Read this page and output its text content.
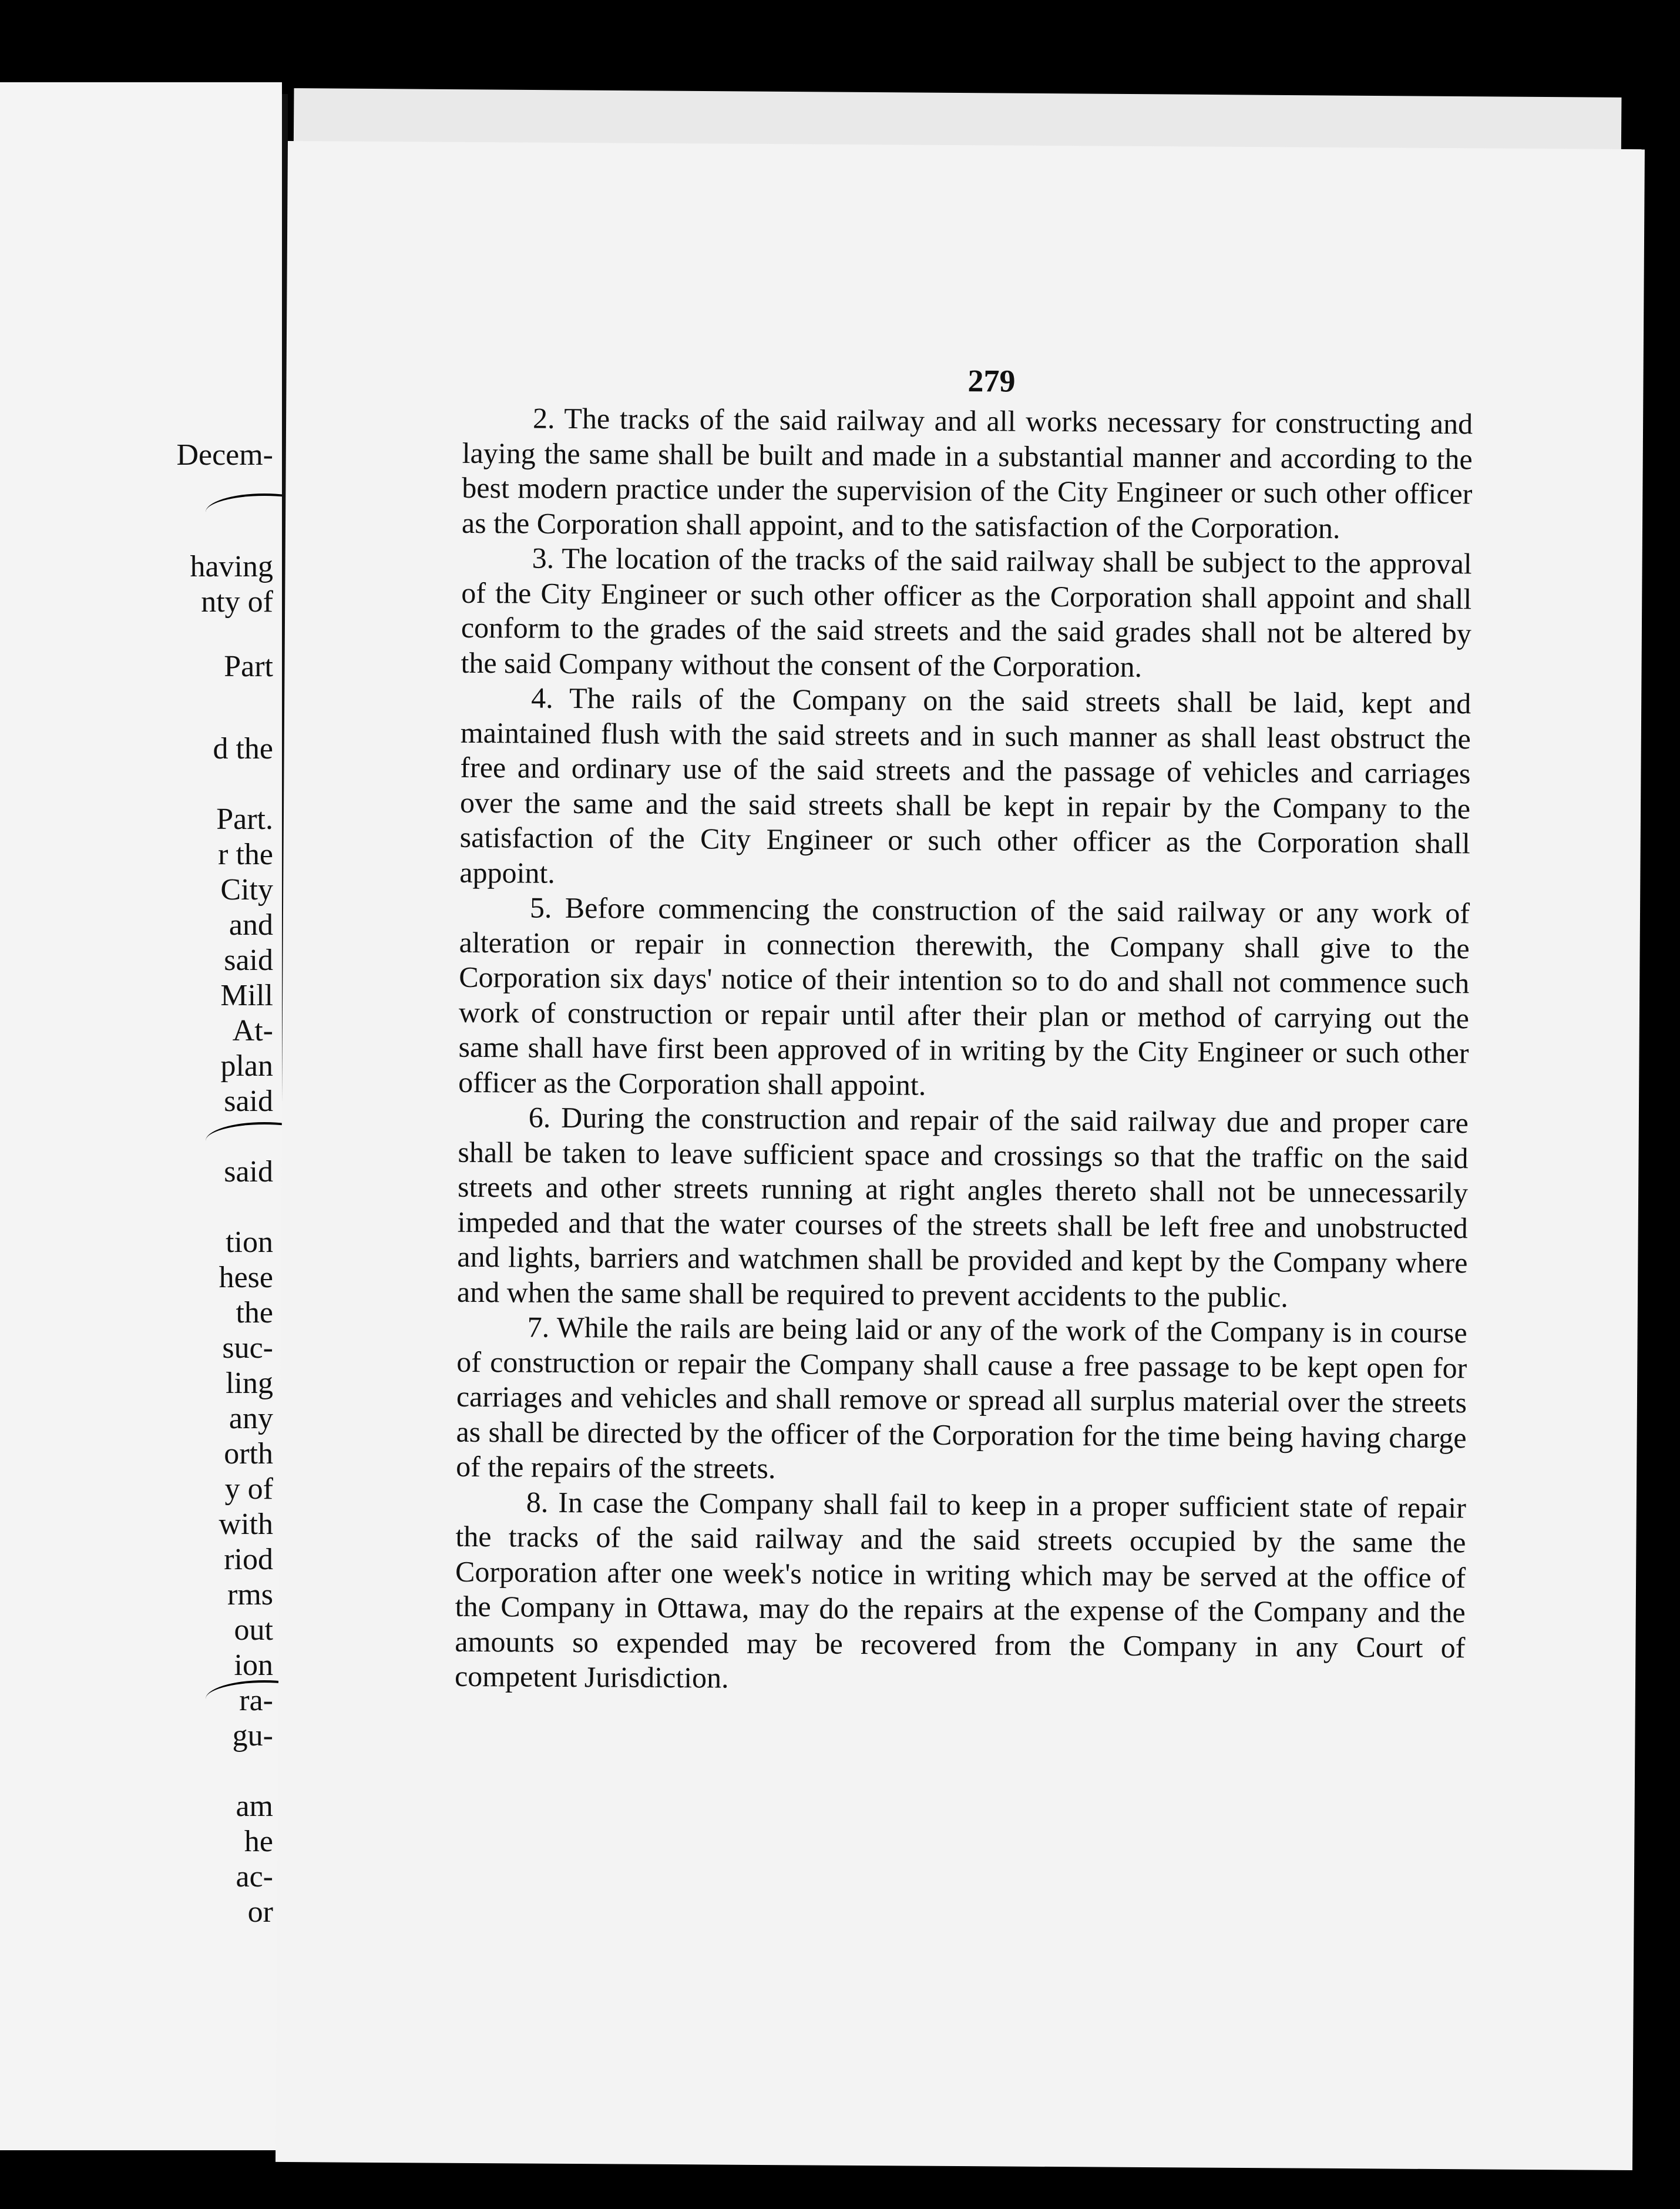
Decem-
having
nty of
Part
d the
Part.
r the
City
and
said
Mill
At-
plan
said
said
tion
hese
the
suc-
ling
any
orth
y of
with
riod
rms
out
ion
ra-
gu-
am
he
ac-
or
279

2. The tracks of the said railway and all works necessary for constructing and laying the same shall be built and made in a substantial manner and according to the best modern practice under the supervision of the City Engineer or such other officer as the Corporation shall appoint, and to the satisfaction of the Corporation.

3. The location of the tracks of the said railway shall be subject to the approval of the City Engineer or such other officer as the Corporation shall appoint and shall conform to the grades of the said streets and the said grades shall not be altered by the said Company without the consent of the Corporation.

4. The rails of the Company on the said streets shall be laid, kept and maintained flush with the said streets and in such manner as shall least obstruct the free and ordinary use of the said streets and the passage of vehicles and carriages over the same and the said streets shall be kept in repair by the Company to the satisfaction of the City Engineer or such other officer as the Corporation shall appoint.

5. Before commencing the construction of the said railway or any work of alteration or repair in connection therewith, the Company shall give to the Corporation six days' notice of their intention so to do and shall not commence such work of construction or repair until after their plan or method of carrying out the same shall have first been approved of in writing by the City Engineer or such other officer as the Corporation shall appoint.

6. During the construction and repair of the said railway due and proper care shall be taken to leave sufficient space and crossings so that the traffic on the said streets and other streets running at right angles thereto shall not be unnecessarily impeded and that the water courses of the streets shall be left free and unobstructed and lights, barriers and watchmen shall be provided and kept by the Company where and when the same shall be required to prevent accidents to the public.

7. While the rails are being laid or any of the work of the Company is in course of construction or repair the Company shall cause a free passage to be kept open for carriages and vehicles and shall remove or spread all surplus material over the streets as shall be directed by the officer of the Corporation for the time being having charge of the repairs of the streets.

8. In case the Company shall fail to keep in a proper sufficient state of repair the tracks of the said railway and the said streets occupied by the same the Corporation after one week's notice in writing which may be served at the office of the Company in Ottawa, may do the repairs at the expense of the Company and the amounts so expended may be recovered from the Company in any Court of competent Jurisdiction.
